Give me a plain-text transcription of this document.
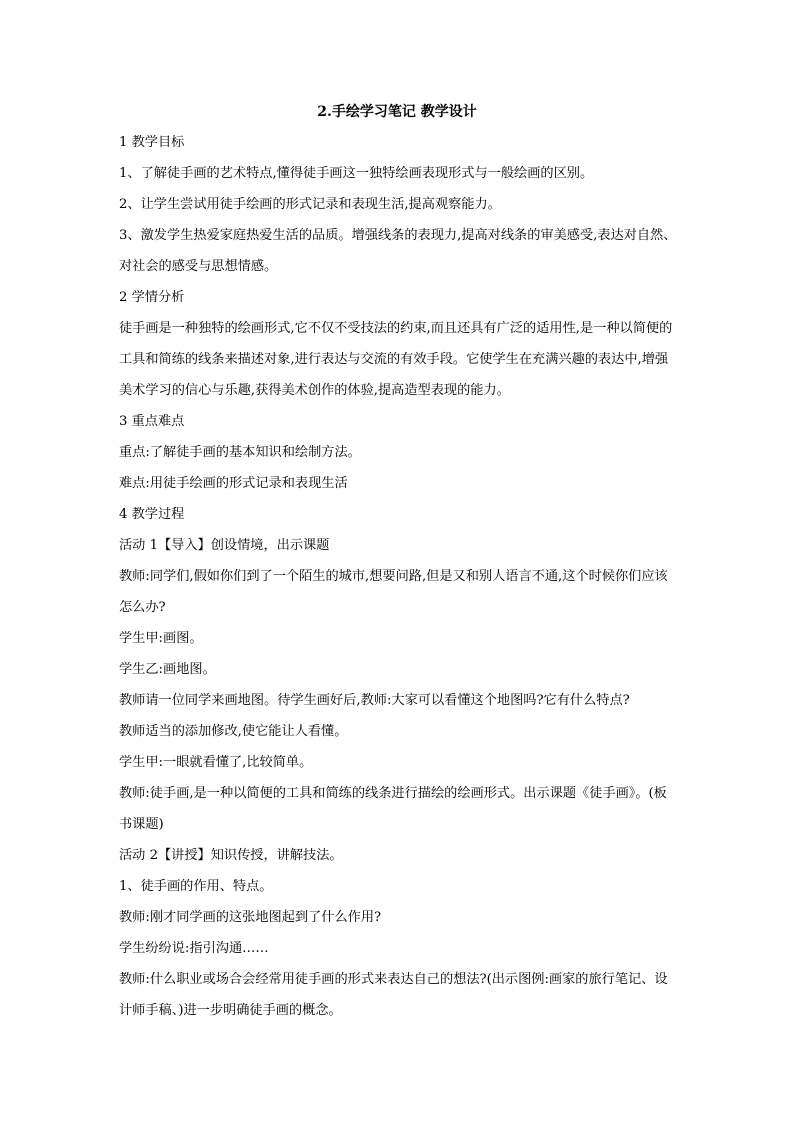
2.手绘学习笔记 教学设计

1 教学目标

1、了解徒手画的艺术特点,懂得徒手画这一独特绘画表现形式与一般绘画的区别。

2、让学生尝试用徒手绘画的形式记录和表现生活,提高观察能力。

3、激发学生热爱家庭热爱生活的品质。增强线条的表现力,提高对线条的审美感受,表达对自然、对社会的感受与思想情感。

2 学情分析

徒手画是一种独特的绘画形式,它不仅不受技法的约束,而且还具有广泛的适用性,是一种以简便的工具和简练的线条来描述对象,进行表达与交流的有效手段。它使学生在充满兴趣的表达中,增强美术学习的信心与乐趣,获得美术创作的体验,提高造型表现的能力。

3 重点难点

重点:了解徒手画的基本知识和绘制方法。

难点:用徒手绘画的形式记录和表现生活

4 教学过程

活动 1【导入】创设情境，出示课题

教师:同学们,假如你们到了一个陌生的城市,想要问路,但是又和别人语言不通,这个时候你们应该怎么办?

学生甲:画图。

学生乙:画地图。

教师请一位同学来画地图。待学生画好后,教师:大家可以看懂这个地图吗?它有什么特点?

教师适当的添加修改,使它能让人看懂。

学生甲:一眼就看懂了,比较简单。

教师:徒手画,是一种以简便的工具和简练的线条进行描绘的绘画形式。出示课题《徒手画》。(板书课题)

活动 2【讲授】知识传授，讲解技法。

1、徒手画的作用、特点。

教师:刚才同学画的这张地图起到了什么作用?

学生纷纷说:指引沟通……

教师:什么职业或场合会经常用徒手画的形式来表达自己的想法?(出示图例:画家的旅行笔记、设计师手稿、)进一步明确徒手画的概念。
